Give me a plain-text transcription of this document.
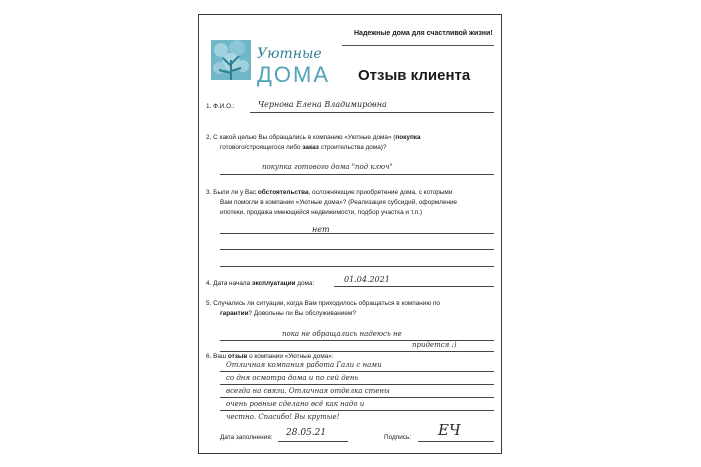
Надежные дома для счастливой жизни!
Уютные
ДОМА Отзыв клиента
1. Ф.И.О.:	Чернова Елена Владимировна
2. С какой целью Вы обращались в компанию «Уютные дома» (покупка
готового/строящегося либо заказ строительства дома)?
покупка готового дома "под ключ"
3. Были ли у Вас обстоятельства, осложняющие приобретение дома, с которыми
Вам помогли в компании «Уютные дома»? (Реализация субсидий, оформление
ипотеки, продажа имеющейся недвижимости, подбор участка и т.п.)
нет
4. Дата начала эксплуатации дома:	01.04.2021
5. Случались ли ситуации, когда Вам приходилось обращаться в компанию по
гарантии? Довольны ли Вы обслуживанием?
пока не обращались надеюсь не
придется :)
6. Ваш отзыв о компании «Уютные дома»:
Отличная компания работа Гали с нами
со дня осмотра дома и по сей день
всегда на связи. Отличная отделка стены
очень ровные сделано всё как надо и
честно. Спасибо! Вы крутые!
Дата заполнения: 28.05.21	Подпись: ЕЧ
